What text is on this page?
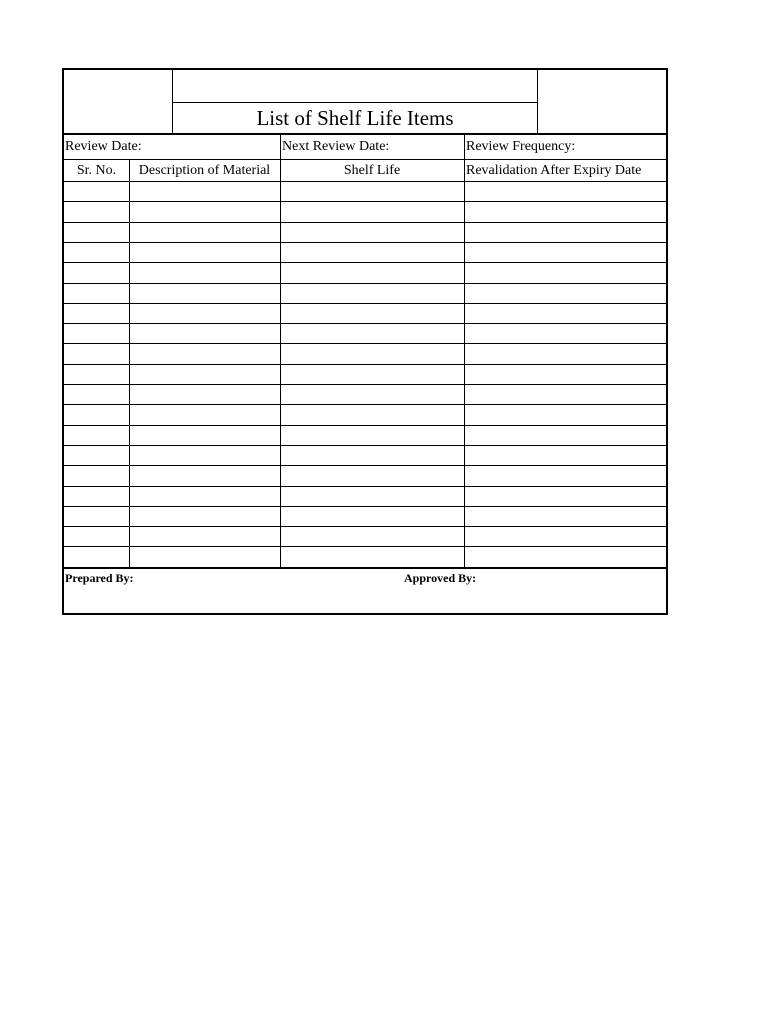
List of Shelf Life Items
Review Date:	Next Review Date:	Review Frequency:
Sr. No.	Description of Material	Shelf Life	Revalidation After Expiry Date
Prepared By:	Approved By:
